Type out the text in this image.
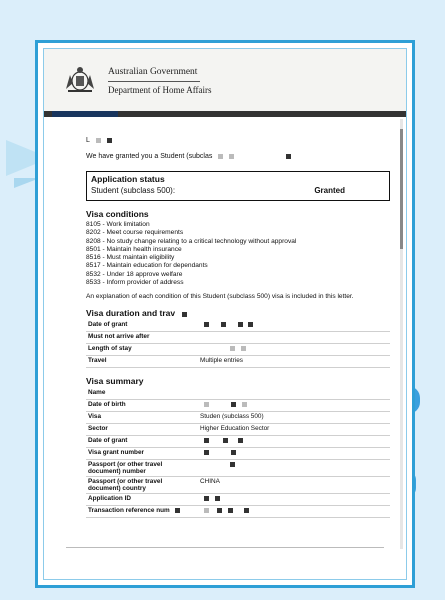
Australian Government
Department of Home Affairs
L
We have granted you a Student (subclas
Application status
Student (subclass 500):	Granted
Visa conditions
8105 - Work limitation
8202 - Meet course requirements
8208 - No study change relating to a critical technology without approval
8501 - Maintain health insurance
8516 - Must maintain eligibility
8517 - Maintain education for dependants
8532 - Under 18 approve welfare
8533 - Inform provider of address
An explanation of each condition of this Student (subclass 500) visa is included in this letter.
Visa duration and trav
Date of grant	
Must not arrive after	
Length of stay	
Travel	Multiple entries
Visa summary
Name	
Date of birth	
Visa	Studen (subclass 500)
Sector	Higher Education Sector
Date of grant	
Visa grant number	
Passport (or other travel document) number	
Passport (or other travel document) country	CHINA
Application ID	
Transaction reference num	
